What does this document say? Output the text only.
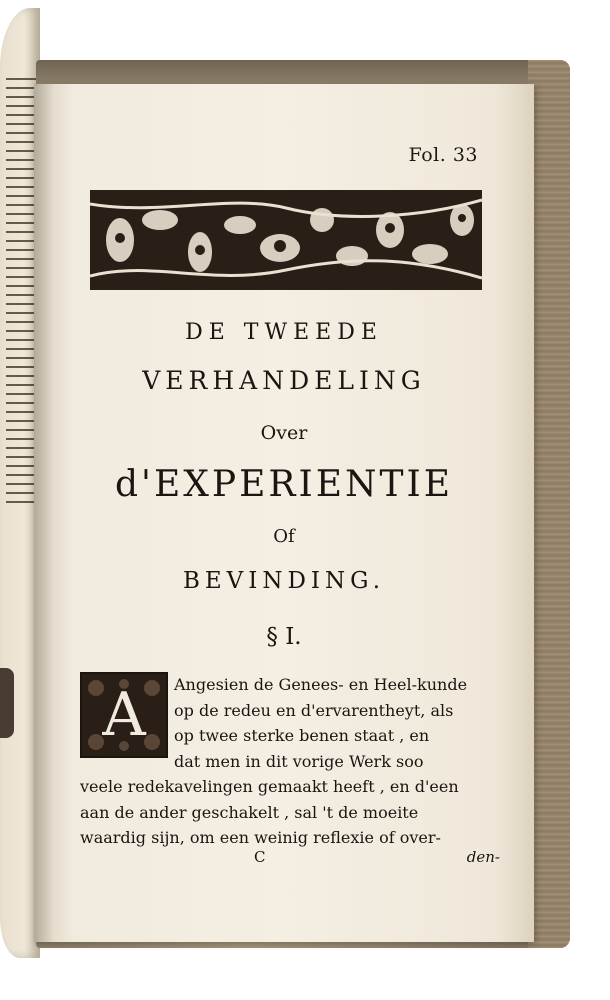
Fol. 33
DE TWEEDE
VERHANDELING
Over
d'EXPERIENTIE
Of
BEVINDING.
§ I.
A	Angesien de Genees- en Heel-kunde
op de redeu en d'ervarentheyt, als
op twee sterke benen staat , en
dat men in dit vorige Werk soo
veele redekavelingen gemaakt heeft , en d'een
aan de ander geschakelt , sal 't de moeite
waardig sijn, om een weinig reflexie of over-
C	den-
